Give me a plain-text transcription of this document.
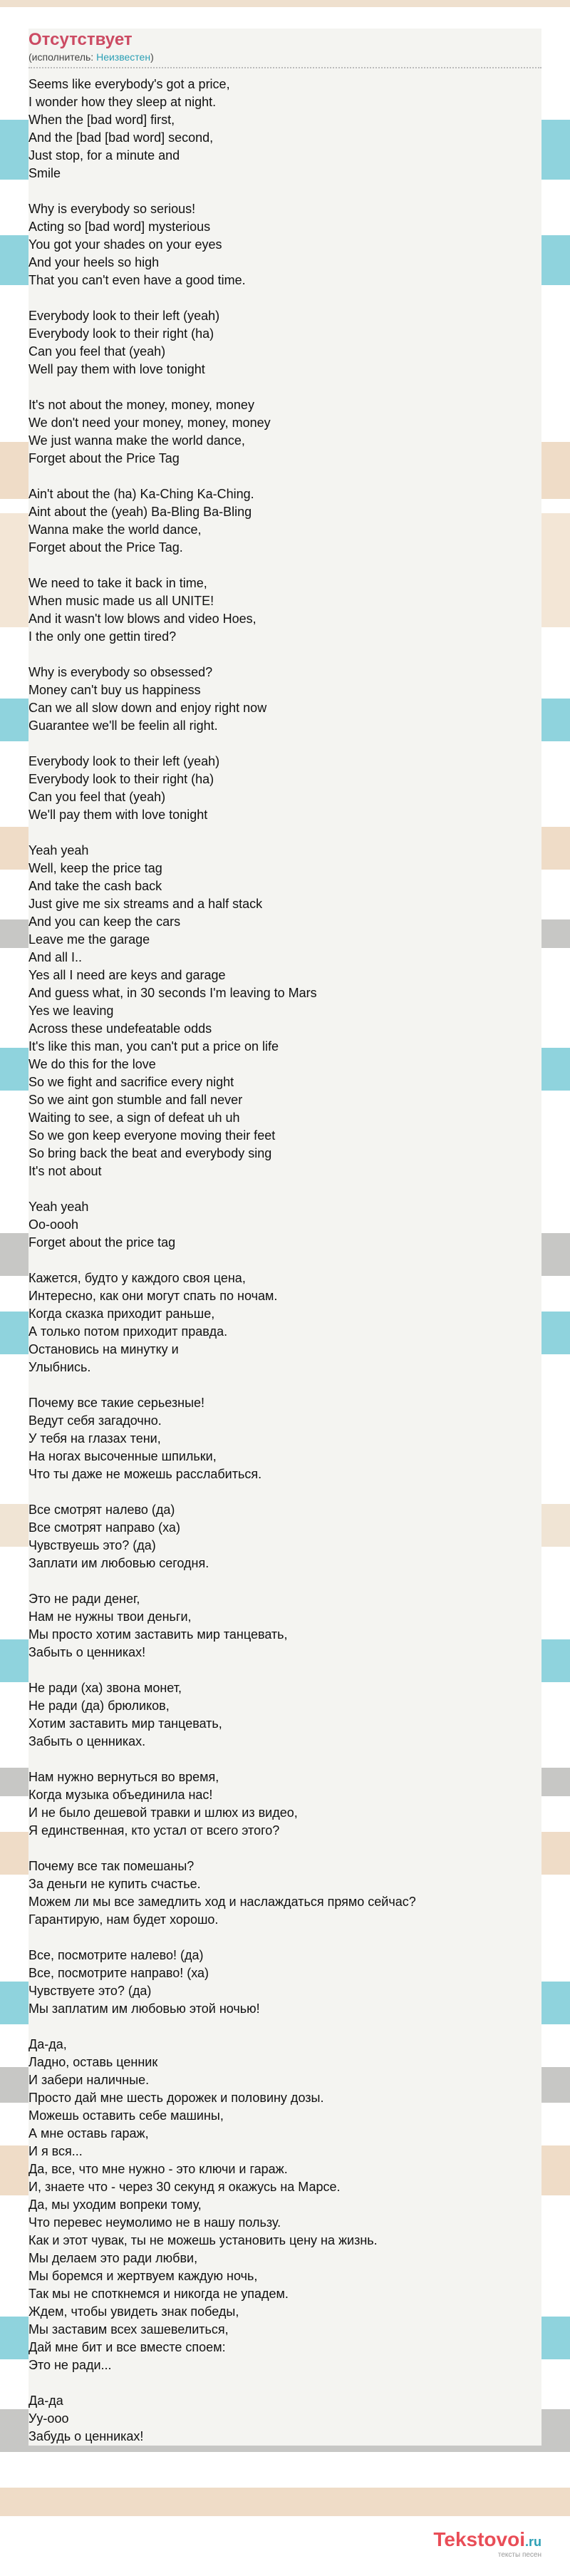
Отсутствует
(исполнитель: Неизвестен)
Seems like everybody's got a price,
I wonder how they sleep at night.
When the [bad word] first,
And the [bad [bad word] second,
Just stop, for a minute and
Smile

Why is everybody so serious!
Acting so [bad word] mysterious
You got your shades on your eyes
And your heels so high
That you can't even have a good time.

Everybody look to their left (yeah)
Everybody look to their right (ha)
Can you feel that (yeah)
Well pay them with love tonight

It's not about the money, money, money
We don't need your money, money, money
We just wanna make the world dance,
Forget about the Price Tag

Ain't about the (ha) Ka-Ching Ka-Ching.
Aint about the (yeah) Ba-Bling Ba-Bling
Wanna make the world dance,
Forget about the Price Tag.

We need to take it back in time,
When music made us all UNITE!
And it wasn't low blows and video Hoes,
I the only one gettin tired?

Why is everybody so obsessed?
Money can't buy us happiness
Can we all slow down and enjoy right now
Guarantee we'll be feelin all right.

Everybody look to their left (yeah)
Everybody look to their right (ha)
Can you feel that (yeah)
We'll pay them with love tonight

Yeah yeah
Well, keep the price tag
And take the cash back
Just give me six streams and a half stack
And you can keep the cars
Leave me the garage
And all I..
Yes all I need are keys and garage
And guess what, in 30 seconds I'm leaving to Mars
Yes we leaving
Across these undefeatable odds
It's like this man, you can't put a price on life
We do this for the love
So we fight and sacrifice every night
So we aint gon stumble and fall never
Waiting to see, a sign of defeat uh uh
So we gon keep everyone moving their feet
So bring back the beat and everybody sing
It's not about

Yeah yeah
Oo-oooh
Forget about the price tag

Кажется, будто у каждого своя цена,
Интересно, как они могут спать по ночам.
Когда сказка приходит раньше,
А только потом приходит правда.
Остановись на минутку и
Улыбнись.

Почему все такие серьезные!
Ведут себя загадочно.
У тебя на глазах тени,
На ногах высоченные шпильки,
Что ты даже не можешь расслабиться.

Все смотрят налево (да)
Все смотрят направо (ха)
Чувствуешь это? (да)
Заплати им любовью сегодня.

Это не ради денег,
Нам не нужны твои деньги,
Мы просто хотим заставить мир танцевать,
Забыть о ценниках!

Не ради (ха) звона монет,
Не ради (да) брюликов,
Хотим заставить мир танцевать,
Забыть о ценниках.

Нам нужно вернуться во время,
Когда музыка объединила нас!
И не было дешевой травки и шлюх из видео,
Я единственная, кто устал от всего этого?

Почему все так помешаны?
За деньги не купить счастье.
Можем ли мы все замедлить ход и наслаждаться прямо сейчас?
Гарантирую, нам будет хорошо.

Все, посмотрите налево! (да)
Все, посмотрите направо! (ха)
Чувствуете это? (да)
Мы заплатим им любовью этой ночью!

Да-да,
Ладно, оставь ценник
И забери наличные.
Просто дай мне шесть дорожек и половину дозы.
Можешь оставить себе машины,
А мне оставь гараж,
И я вся...
Да, все, что мне нужно - это ключи и гараж.
И, знаете что - через 30 секунд я окажусь на Марсе.
Да, мы уходим вопреки тому,
Что перевес неумолимо не в нашу пользу.
Как и этот чувак, ты не можешь установить цену на жизнь.
Мы делаем это ради любви,
Мы боремся и жертвуем каждую ночь,
Так мы не споткнемся и никогда не упадем.
Ждем, чтобы увидеть знак победы,
Мы заставим всех зашевелиться,
Дай мне бит и все вместе споем:
Это не ради...

Да-да
Уу-ооо
Забудь о ценниках!
Tekstovoi.ru
тексты песен
